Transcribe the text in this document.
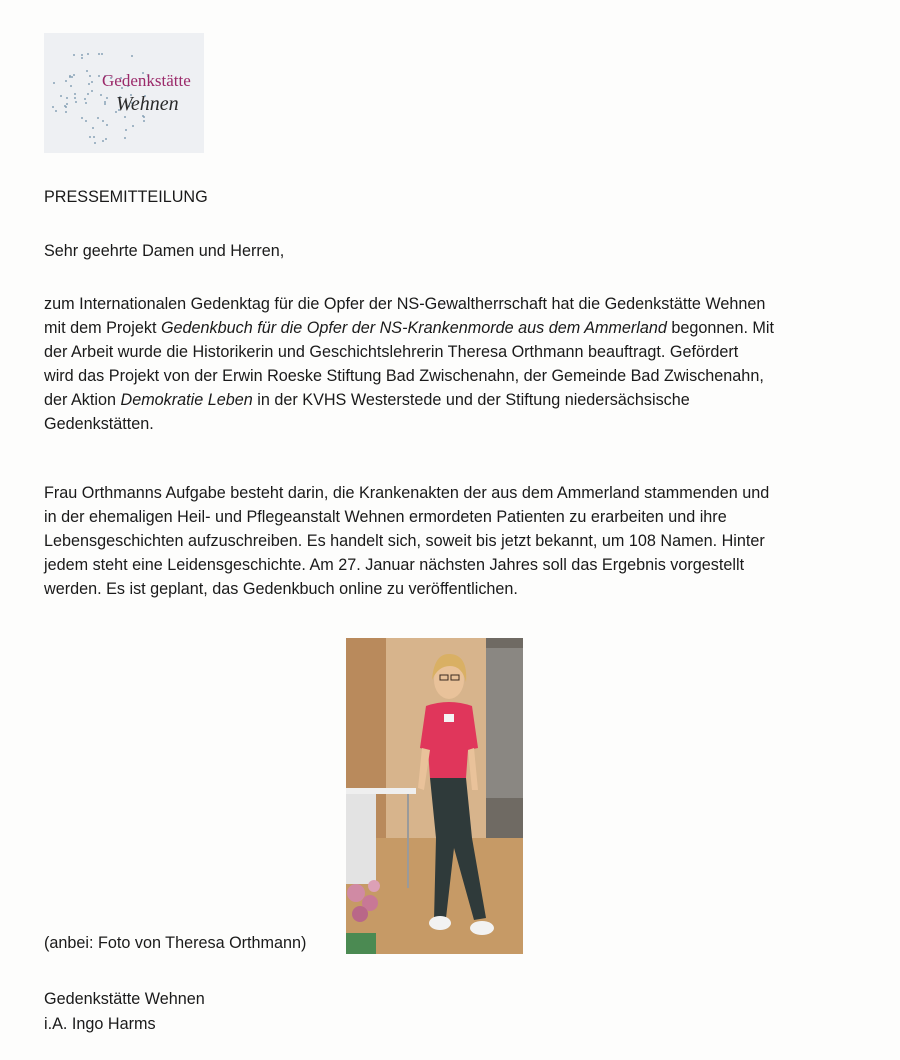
Gedenkstätte
Wehnen
PRESSEMITTEILUNG
Sehr geehrte Damen und Herren,
zum Internationalen Gedenktag für die Opfer der NS-Gewaltherrschaft hat die Gedenkstätte Wehnen
mit dem Projekt Gedenkbuch für die Opfer der NS-Krankenmorde aus dem Ammerland begonnen. Mit
der Arbeit wurde die Historikerin und Geschichtslehrerin Theresa Orthmann beauftragt. Gefördert
wird das Projekt von der Erwin Roeske Stiftung Bad Zwischenahn, der Gemeinde Bad Zwischenahn,
der Aktion Demokratie Leben in der KVHS Westerstede und der Stiftung niedersächsische
Gedenkstätten.
Frau Orthmanns Aufgabe besteht darin, die Krankenakten der aus dem Ammerland stammenden und
in der ehemaligen Heil- und Pflegeanstalt Wehnen ermordeten Patienten zu erarbeiten und ihre
Lebensgeschichten aufzuschreiben. Es handelt sich, soweit bis jetzt bekannt, um 108 Namen. Hinter
jedem steht eine Leidensgeschichte. Am 27. Januar nächsten Jahres soll das Ergebnis vorgestellt
werden. Es ist geplant, das Gedenkbuch online zu veröffentlichen.
(anbei: Foto von Theresa Orthmann)
Gedenkstätte Wehnen
i.A. Ingo Harms
